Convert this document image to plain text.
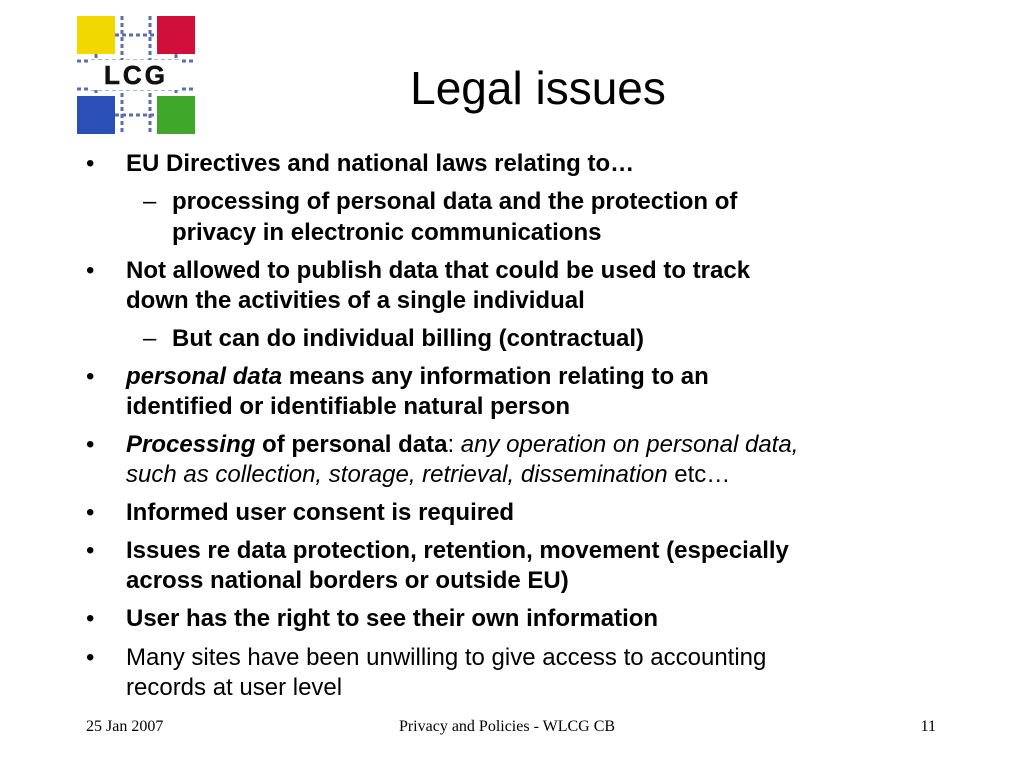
LCG	Legal issues
• EU Directives and national laws relating to…
– processing of personal data and the protection of
privacy in electronic communications
• Not allowed to publish data that could be used to track
down the activities of a single individual
– But can do individual billing (contractual)
• personal data means any information relating to an
identified or identifiable natural person
• Processing of personal data: any operation on personal data,
such as collection, storage, retrieval, dissemination etc…
• Informed user consent is required
• Issues re data protection, retention, movement (especially
across national borders or outside EU)
• User has the right to see their own information
• Many sites have been unwilling to give access to accounting
records at user level
25 Jan 2007	Privacy and Policies - WLCG CB	11
